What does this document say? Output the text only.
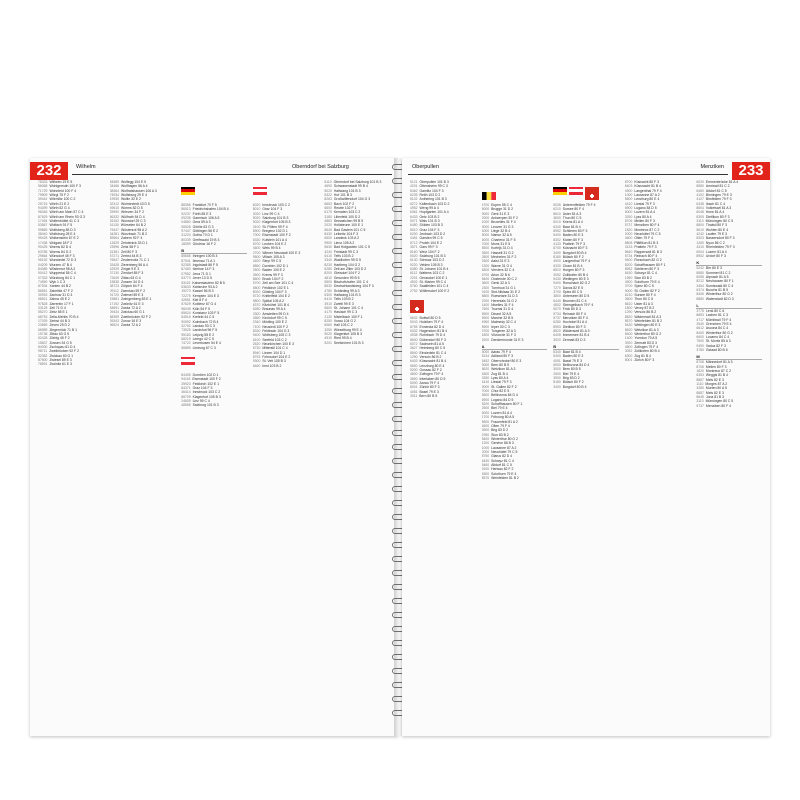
232	Wilhelm	Oberndorf bei Salzburg
78333 Wilhelm 19 E 5
56068 Wohlgemuth 100 F 3
71729 Wohnfeld 100 F 4
79809 Wörgl 75 F 2
39442 Wörmlitz 100 C 2
25715 Wörth 21 E 2
94399 Wörth 52 G 4
96346 Wörth am Main 57 C 4
87629 Wörth am Rhein 93 G 3
17454 Wolfenbüttel 41 C 3
53567 Wolfach 91 F 5
99869 Wolfsberg 85 D 3
38440 Wolfsburg 28 E 4
99428 Wolkenstein 67 E 2
17438 Wolgast 18 F 2
90425 Worms 82 D 4
63785 Worms 84 G 2
29664 Wünsdorf 45 F 3
95192 Wunsiedel 72 D 3
04209 Wurzen 47 B 4
84085 Wüstenrot 98 A 2
90412 Wuppertal 55 C 4
07333 Würzburg 84 C 1
74590 Wyk 1 C 3
87534 Xanten 44 B 2
86551 Zabeltitz 47 F 2
30915 Zachow 31 D 3
58521 Zahna 45 E 2
97828 Zarrentin 17 F 1
33125 Zeil 71 D 4
55270 Zeitz 58 E 1
68753 Zella-Mehlis 70 B 4
17039 Zerbst 44 B 3
23569 Zeven 25 D 2
66989 Ziegenrück 71 B 1
15738 Zittau 63 G 5
52428 Zörbig 45 F 2
15837 Zossen 34 G 5
84030 Zschopau 61 D 4
98711 Zweibrücken 92 F 2
32352 Zwickau 60 G 1
87800 Zwiesel 89 E 3
78591 Zwönitz 61 E 3
84589 Wolfegg 104 E 5
34466 Wolfhagen 56 A 4
38364 Wolfratshausen 106 A 3
74934 Wolfsburg 29 E 4
19930 Wollin 32 E 2
32312 Wolmirstedt 43 D 5
49610 Worms 82 D 5
25990 Wriezen 34 F 2
56332 Wülfrath 54 D 4
93152 Wunstorf 29 C 3
61130 Würselen 64 B 2
75447 Wüstenrot 98 A 2
34281 Wurzbach 71 B 2
89564 Zabern 92 F 4
12629 Zehdenick 33 D 1
23996 Zeitz 58 F 1
61381 Zell 80 F 3
57271 Zerbst 44 B 3
76547 Zeulenroda 71 C 1
33428 Zierenberg 56 A 4
42929 Zingst 9 E 3
37130 Zirndorf 85 F 3
72649 Zittau 63 G 4
15838 Zossen 34 G 4
38723 Zülpich 64 F 4
09112 Zwenkau 59 F 2
91720 Zwiesel 89 E 3
23881 Zwingenberg 83 E 1
17192 Zwönitz 61 E 3
48691 Zwota 72 A 2
09434 Zwickau 60 G 1
88359 Zweibrücken 92 F 2
39343 Zurow 16 E 3
96524 Zwota 72 A 2
88356 Frankfurt 70 F 5
86513 Friedrichshafen 104 B 4
92237 Fürth 85 E 3
09235 Garmisch 106 A 5
04860 Gera 59 A 3
06528 Görlitz 63 G 3
97447 Göttingen 56 E 2
31224 Gotha 70 D 1
80339 Greifswald 19 B 3
18059 Güstrow 16 F 2
B
85665 Ihringen 100 B 4
87541 Ilmenau 71 A 1
52355 Ingolstadt 86 F 5
87463 Itzehoe 14 F 3
07952 Jena 71 D 1
53773 Jever 13 D 5
53115 Kaiserslautern 82 B 5
63633 Karlsruhe 93 A 2
19273 Kassel 56 B 3
72275 Kempten 104 E 3
42651 Kiel 8 F 4
57629 Koblenz 67 G 4
96049 Köln 54 F 5
65624 Konstanz 103 F 5
54516 Krefeld 44 C 5
90592 Kulmbach 72 B 4
32760 Landau 93 C 3
73525 Landshut 96 F 5
95183 Leipzig 58 E 2
68219 Lemgo 42 C 5
74722 Leverkusen 54 E 4
56859 Limburg 67 C 3
84405 Dornbirn 102 D 1
94118 Eisenstadt 100 F 2
25923 Feldkirch 102 E 1
84371 Graz 104 F 3
46414 Innsbruck 103 C 2
88709 Klagenfurt 105 B 3
24609 Linz 99 C 4
48565 Salzburg 101 B 3
6020 Innsbruck 103 C 2
8010 Graz 104 F 3
4020 Linz 99 C 4
5020 Salzburg 101 B 3
9020 Klagenfurt 105 B 3
3100 St. Pölten 99 F 4
6900 Bregenz 102 D 1
7000 Eisenstadt 100 F 2
6330 Kufstein 101 A 4
8700 Leoben 104 E 2
4600 Wels 99 B 4
2700 Wiener Neustadt 100 E 3
9500 Villach 105 A 3
4400 Steyr 99 C 5
6850 Dornbirn 102 D 1
2500 Baden 100 E 2
3500 Krems 99 F 3
8600 Bruck 104 F 2
5700 Zell am See 101 C 4
6800 Feldkirch 102 E 1
8020 Gösting 104 F 3
8720 Knittelfeld 104 E 2
9800 Spittal 105 A 2
6370 Kitzbühel 101 B 4
5280 Braunau 99 A 4
3300 Amstetten 99 D 4
4560 Kirchdorf 99 C 5
2340 Mödling 100 E 2
7100 Neusiedl 100 F 2
8330 Feldbach 104 G 3
9400 Wolfsberg 105 C 3
6100 Seefeld 103 C 2
2620 Neunkirchen 100 E 3
5730 Mittersill 101 C 4
8940 Liezen 104 D 1
8753 Fohnsdorf 104 E 2
9300 St. Veit 105 B 3
6460 Imst 103 B 2
5110 Oberndorf bei Salzburg 101 B 3
4690 Schwanenstadt 99 B 4
5020 Hallwang 101 B 3
5322 Hof 101 B 3
8263 Großwilfersdorf 104 G 3
6653 Bach 102 F 2
6600 Reutte 102 F 1
6175 Kematen 103 C 2
3180 Lilienfeld 100 D 2
4863 Seewalchen 99 B 5
2020 Hollabrunn 100 E 1
5640 Bad Gastein 101 C 5
8430 Leibnitz 104 F 3
6500 Landeck 103 A 2
9900 Lienz 105 A 2
5630 Bad Hofgastein 101 C 5
4240 Freistadt 99 C 3
6410 Telfs 103 B 2
3340 Waidhofen 99 D 5
8230 Hartberg 104 G 2
6280 Zell am Ziller 103 D 2
8200 Gleisdorf 104 F 2
4810 Gmunden 99 B 5
5500 Bischofshofen 101 C 4
8530 Deutschlandsberg 104 F 3
4780 Schärding 99 A 3
5300 Hallwang 101 B 3
6410 Telfs 103 B 2
3910 Zwettl 99 E 3
5600 St. Johann 101 C 4
4170 Haslach 99 C 3
2130 Mistelbach 100 F 1
8250 Vorau 104 G 2
6060 Hall 103 C 2
3250 Wieselburg 99 E 4
9020 Klagenfurt 105 B 3
4910 Ried 99 B 4
5201 Seekirchen 101 B 3
Oberpullen	Menziken 233
5121 Oberpullen 101 B 3
4201 Ottensheim 99 C 3
8462 Gamlitz 104 F 3
6235 Reith 103 D 2
5102 Anthering 101 B 3
6272 Kaltenbach 103 D 2
4952 Weng 99 A 4
6361 Hopfgarten 101 A 4
6433 Oetz 103 B 2
5071 Wals 101 B 3
6450 Sölden 103 B 3
8010 Graz 104 F 3
6200 Jenbach 103 D 2
4451 Garsten 99 C 5
8712 Proleb 104 E 2
3571 Gars 99 F 3
8160 Weiz 104 F 2
5020 Salzburg 101 B 3
6130 Schwaz 103 D 2
9220 Velden 105 B 3
6380 St. Johann 101 B 4
6112 Wattens 103 C 2
2201 Gerasdorf 100 E 1
4502 St. Marien 99 C 4
5760 Saalfelden 101 C 4
2752 Wöllersdorf 100 E 2
5632 Buttwil 80 D 5
5043 Holziken 79 F 4
8755 Ennenda 82 D 4
6332 Hagendorn 81 B 4
4938 Rohrbach 79 D 4
8600 Dübendorf 80 F 3
6072 Sachseln 81 A 5
3627 Heimberg 80 C 5
8840 Einsiedeln 81 C 4
1290 Versoix 86 B 2
6403 Küssnacht 81 B 4
5600 Lenzburg 80 E 4
9200 Gossau 82 F 2
4800 Zofingen 79 F 4
3800 Interlaken 80 D 5
5000 Aarau 79 F 4
8001 Zürich 80 F 3
4051 Basel 79 E 3
3011 Bern 80 B 5
4700 Eupen 55 C 4
8000 Brugge 31 D 2
9000 Gent 31 E 3
2000 Antwerpen 30 F 2
1000 Bruxelles 31 F 4
3000 Leuven 31 G 3
4000 Liège 32 B 4
5000 Namur 32 A 5
6000 Charleroi 31 F 5
7000 Mons 31 E 5
8500 Kortrijk 31 D 4
3500 Hasselt 31 G 2
2800 Mechelen 31 F 2
9300 Aalst 31 E 3
1300 Wavre 31 G 4
4800 Verviers 32 C 4
6700 Arlon 32 B 6
8400 Oostende 30 C 2
3600 Genk 32 A 3
2300 Turnhout 31 G 1
9100 Sint-Niklaas 31 E 2
8800 Roeselare 31 D 3
2200 Herentals 31 G 2
1400 Nivelles 31 F 4
7500 Tournai 31 D 4
5500 Dinant 32 A 5
6900 Marche 32 B 5
4960 Malmedy 32 C 4
8900 Ieper 30 C 3
3700 Tongeren 32 A 3
1800 Vilvoorde 31 F 3
9200 Dendermonde 31 E 3
A
5000 Aarau 79 F 4
8134 Adliswil 80 F 3
5452 Oberrohrdorf 80 E 3
3000 Bern 80 B 5
8620 Wetzikon 81 A 3
6300 Zug 81 B 4
3250 Lyss 80 A 4
4410 Liestal 79 F 3
9000 St. Gallen 82 F 2
7000 Chur 82 E 5
6500 Bellinzona 84 D 4
6900 Lugano 84 D 5
8200 Schaffhausen 80 F 1
2500 Biel 79 E 4
6000 Luzern 81 A 4
1700 Fribourg 80 A 5
8500 Frauenfeld 81 A 2
4600 Olten 79 F 4
3900 Brig 83 D 2
1950 Sion 83 B 2
8400 Winterthur 80 G 2
1200 Genève 86 B 3
1000 Lausanne 87 A 2
2000 Neuchâtel 79 C 5
8750 Glarus 82 D 4
6430 Schwyz 81 C 4
6460 Altdorf 81 C 5
9100 Herisau 82 F 2
4500 Solothurn 79 E 4
8570 Weinfelden 81 B 2
5035 Unterentfelden 79 F 4
6210 Sursee 80 F 4
8610 Uster 81 A 3
3600 Thun 80 C 5
6010 Kriens 81 A 4
6340 Baar 81 B 4
8952 Schlieren 80 F 3
5400 Baden 80 E 3
8302 Kloten 80 F 3
4133 Pratteln 79 F 3
8700 Küsnacht 80 F 3
3400 Burgdorf 80 B 4
8180 Bülach 80 F 2
4900 Langenthal 79 F 4
6330 Cham 81 B 4
8810 Horgen 80 F 3
3052 Zollikofen 80 B 4
5430 Wettingen 80 E 3
9400 Rorschach 82 G 2
7270 Davos 82 E 5
3700 Spiez 80 C 5
3800 Unterseen 80 D 5
6440 Brunnen 81 C 4
4802 Strengelbach 79 F 4
5070 Frick 80 D 3
5734 Reinach 80 F 4
5737 Menziken 80 F 4
6280 Hochdorf 81 A 4
8953 Dietikon 80 F 3
8820 Wädenswil 81 A 3
6405 Immensee 81 B 4
3920 Zermatt 83 D 3
B
6340 Baar 81 B 4
5400 Baden 80 E 3
4051 Basel 79 E 3
6500 Bellinzona 84 D 4
3000 Bern 80 B 5
2500 Biel 79 E 4
3900 Brig 83 D 2
8180 Bülach 80 F 2
3400 Burgdorf 80 B 4
8700 Küsnacht 80 F 3
6403 Küssnacht 81 B 4
4900 Langenthal 79 F 4
1000 Lausanne 87 A 2
5600 Lenzburg 80 E 4
4410 Liestal 79 F 3
6900 Lugano 84 D 5
6000 Luzern 81 A 4
3250 Lyss 80 A 4
8706 Meilen 80 F 3
5737 Menziken 80 F 4
1820 Montreux 87 C 2
2000 Neuchâtel 79 C 5
4600 Olten 79 F 4
8808 Pfäffikon 81 B 3
4133 Pratteln 79 F 3
8640 Rapperswil 81 B 3
5734 Reinach 80 F 4
9400 Rorschach 82 G 2
8200 Schaffhausen 80 F 1
8952 Schlieren 80 F 3
6430 Schwyz 81 C 4
1950 Sion 83 B 2
4500 Solothurn 79 E 4
3700 Spiez 80 C 5
9000 St. Gallen 82 F 2
6210 Sursee 80 F 4
3600 Thun 80 C 5
8610 Uster 81 A 3
1800 Vevey 87 B 2
1290 Versoix 86 B 2
8820 Wädenswil 81 A 3
8570 Weinfelden 81 B 2
5430 Wettingen 80 E 3
8620 Wetzikon 81 A 3
8400 Winterthur 80 G 2
1400 Yverdon 79 A 5
3920 Zermatt 83 D 3
4800 Zofingen 79 F 4
3052 Zollikofen 80 B 4
6300 Zug 81 B 4
8001 Zürich 80 F 3
6020 Emmenbrücke 81 A 4
8580 Amriswil 81 C 2
6460 Altdorf 81 C 5
4102 Binningen 79 E 3
4127 Birsfelden 79 F 3
6438 Ibach 81 C 4
8604 Volketswil 81 A 3
6048 Horw 81 A 4
8305 Dietlikon 80 F 3
3110 Münsingen 80 C 5
8800 Thalwil 80 F 3
5610 Wohlen 80 E 4
4242 Laufen 79 E 3
8303 Bassersdorf 80 F 3
1260 Nyon 86 C 2
4310 Rheinfelden 79 F 3
6004 Luzern 81 A 4
8902 Urdorf 80 F 3
K
5242 Birr 80 E 3
8580 Sommeri 81 C 2
6055 Alpnach 81 A 5
8212 Neuhausen 80 F 1
3454 Sumiswald 80 C 4
6374 Buochs 81 B 5
8406 Winterthur 80 G 2
8880 Walenstadt 82 D 3
L
3775 Lenk 80 C 6
8853 Lachen 81 C 3
4717 Mümliswil 79 F 4
2540 Grenchen 79 E 4
6612 Ascona 84 C 4
8400 Winterthur 80 G 2
6600 Locarno 84 C 4
7500 St. Moritz 85 A 3
9490 Vaduz 82 F 3
3780 Gstaad 80 B 6
M
8708 Männedorf 81 A 3
8706 Meilen 80 F 3
1820 Montreux 87 C 2
6353 Weggis 81 B 4
8887 Mels 82 E 3
1110 Morges 87 A 2
3280 Murten 80 A 5
8887 Mels 82 E 3
8645 Jona 81 B 3
3110 Münsingen 80 C 5
5737 Menziken 80 F 4
